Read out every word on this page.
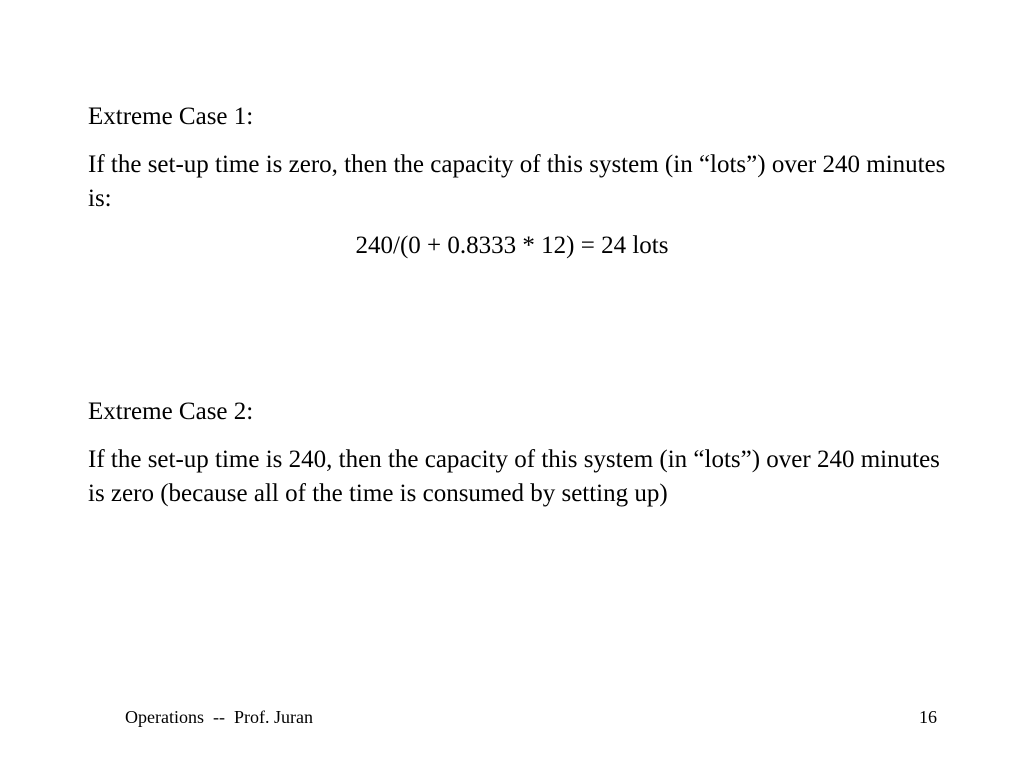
Extreme Case 1:

If the set-up time is zero, then the capacity of this system (in “lots”) over 240 minutes is:

240/(0 + 0.8333 * 12) = 24 lots

Extreme Case 2:

If the set-up time is 240, then the capacity of this system (in “lots”) over 240 minutes is zero (because all of the time is consumed by setting up)

Operations  --  Prof. Juran	16
